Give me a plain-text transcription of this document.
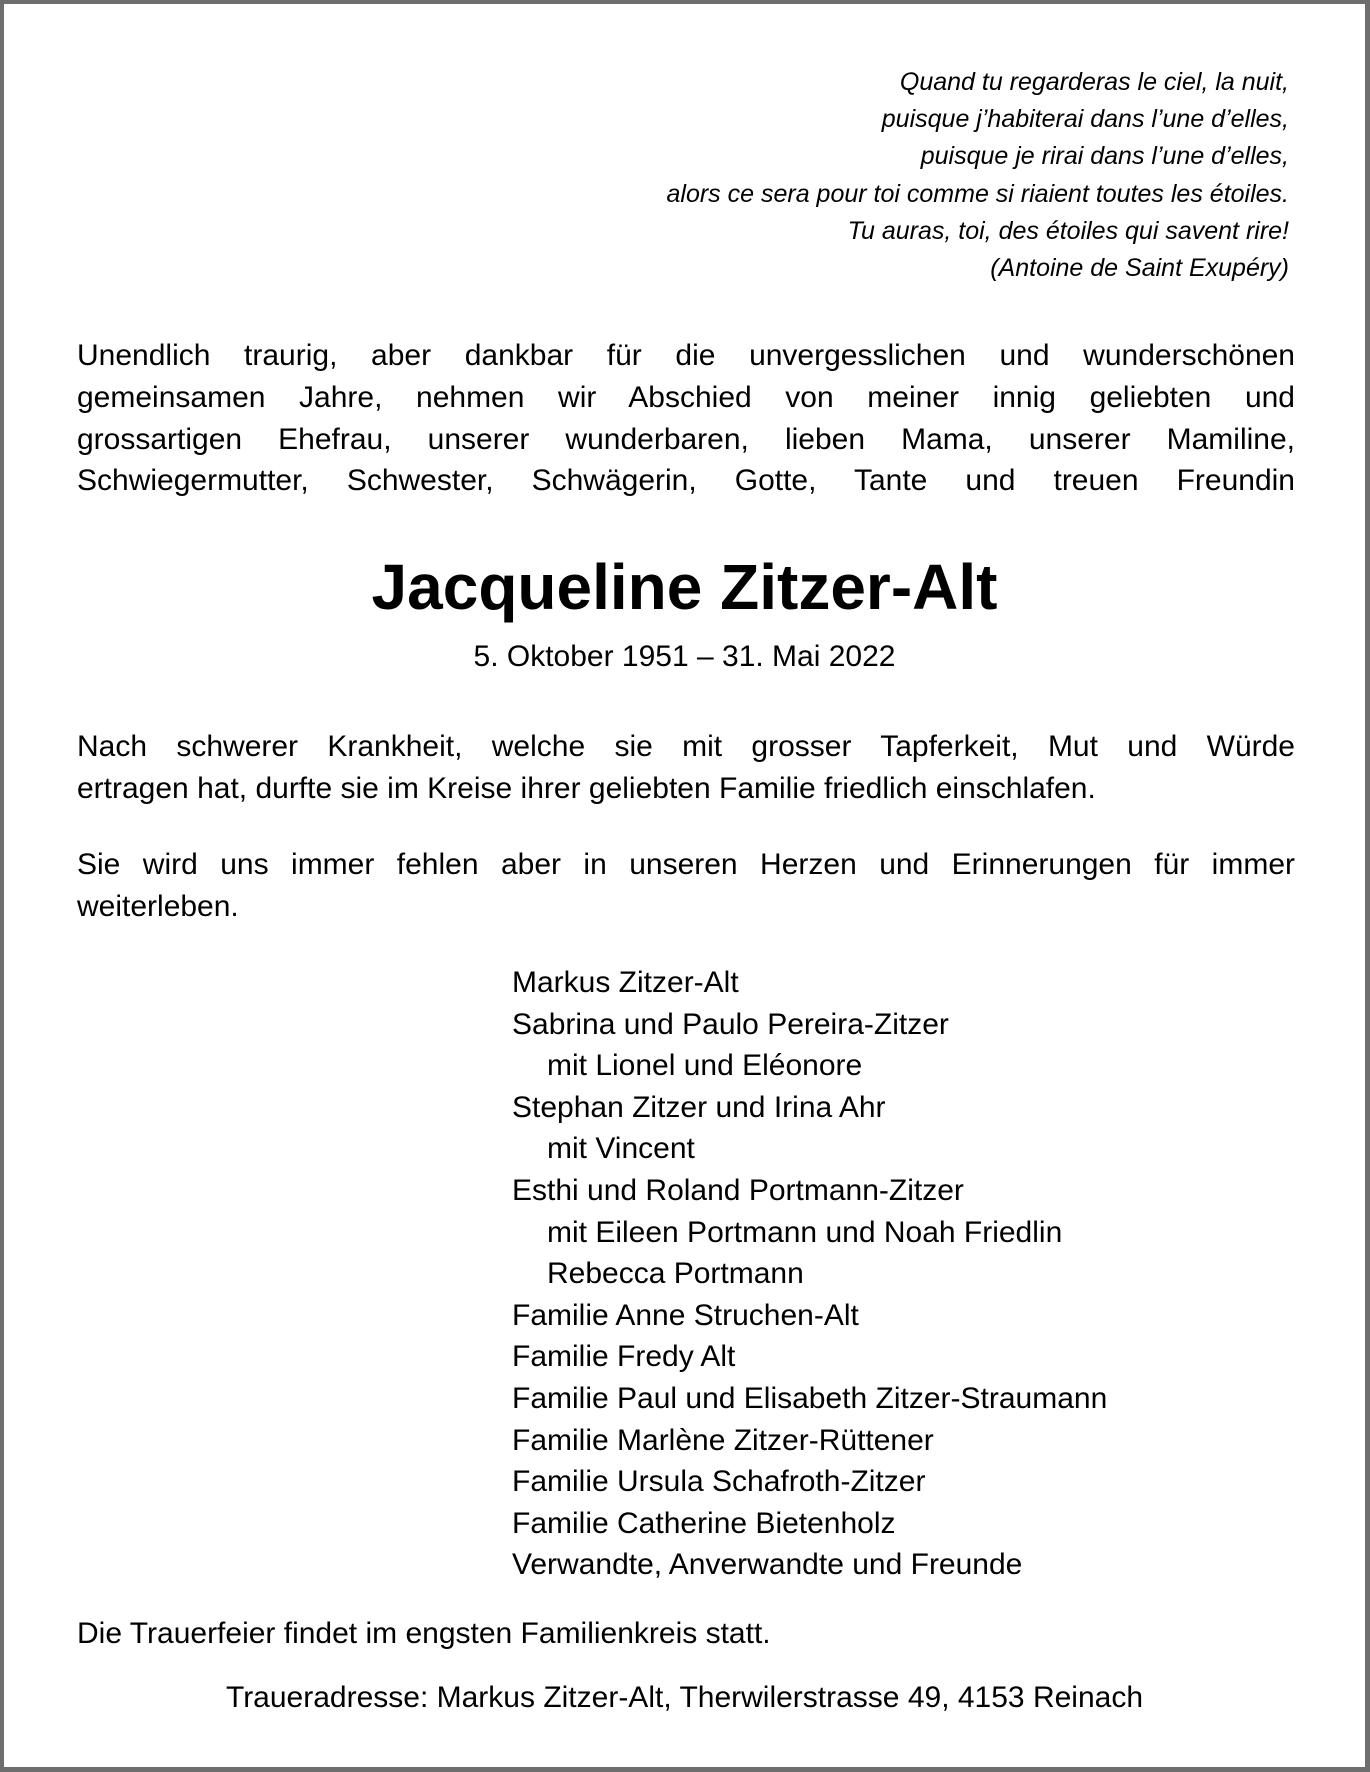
Quand tu regarderas le ciel, la nuit,
puisque j’habiterai dans l’une d’elles,
puisque je rirai dans l’une d’elles,
alors ce sera pour toi comme si riaient toutes les étoiles.
Tu auras, toi, des étoiles qui savent rire!
(Antoine de Saint Exupéry)
Unendlich traurig, aber dankbar für die unvergesslichen und wunderschönen
gemeinsamen Jahre, nehmen wir Abschied von meiner innig geliebten und
grossartigen Ehefrau, unserer wunderbaren, lieben Mama, unserer Mamiline,
Schwiegermutter, Schwester, Schwägerin, Gotte, Tante und treuen Freundin
Jacqueline Zitzer-Alt
5. Oktober 1951 – 31. Mai 2022
Nach schwerer Krankheit, welche sie mit grosser Tapferkeit, Mut und Würde
ertragen hat, durfte sie im Kreise ihrer geliebten Familie friedlich einschlafen.
Sie wird uns immer fehlen aber in unseren Herzen und Erinnerungen für immer
weiterleben.
Markus Zitzer-Alt
Sabrina und Paulo Pereira-Zitzer
mit Lionel und Eléonore
Stephan Zitzer und Irina Ahr
mit Vincent
Esthi und Roland Portmann-Zitzer
mit Eileen Portmann und Noah Friedlin
Rebecca Portmann
Familie Anne Struchen-Alt
Familie Fredy Alt
Familie Paul und Elisabeth Zitzer-Straumann
Familie Marlène Zitzer-Rüttener
Familie Ursula Schafroth-Zitzer
Familie Catherine Bietenholz
Verwandte, Anverwandte und Freunde
Die Trauerfeier findet im engsten Familienkreis statt.
Traueradresse: Markus Zitzer-Alt, Therwilerstrasse 49, 4153 Reinach
